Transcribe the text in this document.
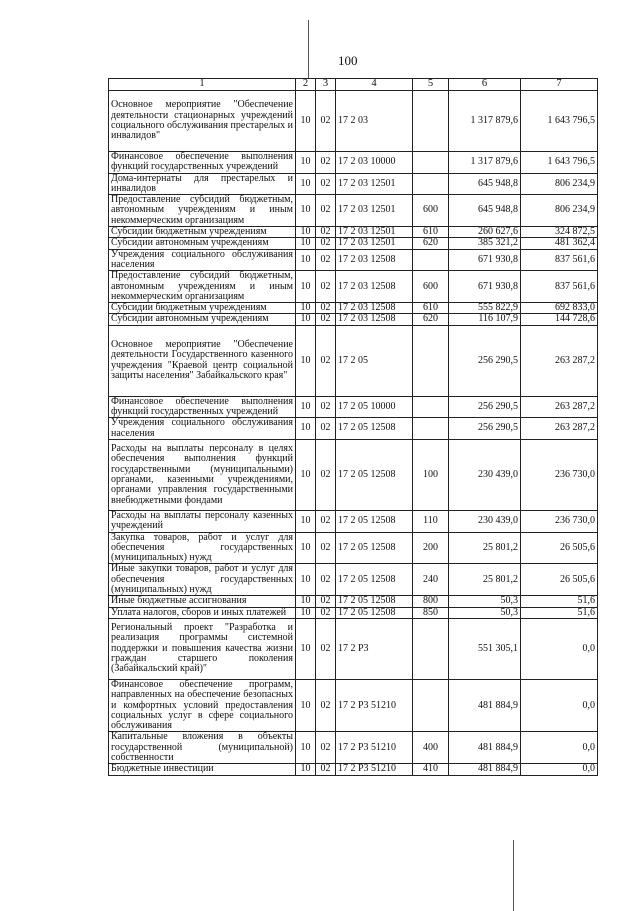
100
1	2	3	4	5	6	7
Основное мероприятие "Обеспечение деятельности стационарных учреждений социального обслуживания престарелых и инвалидов"	10	02	17 2 03		1 317 879,6	1 643 796,5
Финансовое обеспечение выполнения функций государственных учреждений	10	02	17 2 03 10000		1 317 879,6	1 643 796,5
Дома-интернаты для престарелых и инвалидов	10	02	17 2 03 12501		645 948,8	806 234,9
Предоставление субсидий бюджетным, автономным учреждениям и иным некоммерческим организациям	10	02	17 2 03 12501	600	645 948,8	806 234,9
Субсидии бюджетным учреждениям	10	02	17 2 03 12501	610	260 627,6	324 872,5
Субсидии автономным учреждениям	10	02	17 2 03 12501	620	385 321,2	481 362,4
Учреждения социального обслуживания населения	10	02	17 2 03 12508		671 930,8	837 561,6
Предоставление субсидий бюджетным, автономным учреждениям и иным некоммерческим организациям	10	02	17 2 03 12508	600	671 930,8	837 561,6
Субсидии бюджетным учреждениям	10	02	17 2 03 12508	610	555 822,9	692 833,0
Субсидии автономным учреждениям	10	02	17 2 03 12508	620	116 107,9	144 728,6
Основное мероприятие "Обеспечение деятельности Государственного казенного учреждения "Краевой центр социальной защиты населения" Забайкальского края"	10	02	17 2 05		256 290,5	263 287,2
Финансовое обеспечение выполнения функций государственных учреждений	10	02	17 2 05 10000		256 290,5	263 287,2
Учреждения социального обслуживания населения	10	02	17 2 05 12508		256 290,5	263 287,2
Расходы на выплаты персоналу в целях обеспечения выполнения функций государственными (муниципальными) органами, казенными учреждениями, органами управления государственными внебюджетными фондами	10	02	17 2 05 12508	100	230 439,0	236 730,0
Расходы на выплаты персоналу казенных учреждений	10	02	17 2 05 12508	110	230 439,0	236 730,0
Закупка товаров, работ и услуг для обеспечения государственных (муниципальных) нужд	10	02	17 2 05 12508	200	25 801,2	26 505,6
Иные закупки товаров, работ и услуг для обеспечения государственных (муниципальных) нужд	10	02	17 2 05 12508	240	25 801,2	26 505,6
Иные бюджетные ассигнования	10	02	17 2 05 12508	800	50,3	51,6
Уплата налогов, сборов и иных платежей	10	02	17 2 05 12508	850	50,3	51,6
Региональный проект "Разработка и реализация программы системной поддержки и повышения качества жизни граждан старшего поколения (Забайкальский край)"	10	02	17 2 P3		551 305,1	0,0
Финансовое обеспечение программ, направленных на обеспечение безопасных и комфортных условий предоставления социальных услуг в сфере социального обслуживания	10	02	17 2 P3 51210		481 884,9	0,0
Капитальные вложения в объекты государственной (муниципальной) собственности	10	02	17 2 P3 51210	400	481 884,9	0,0
Бюджетные инвестиции	10	02	17 2 P3 51210	410	481 884,9	0,0
